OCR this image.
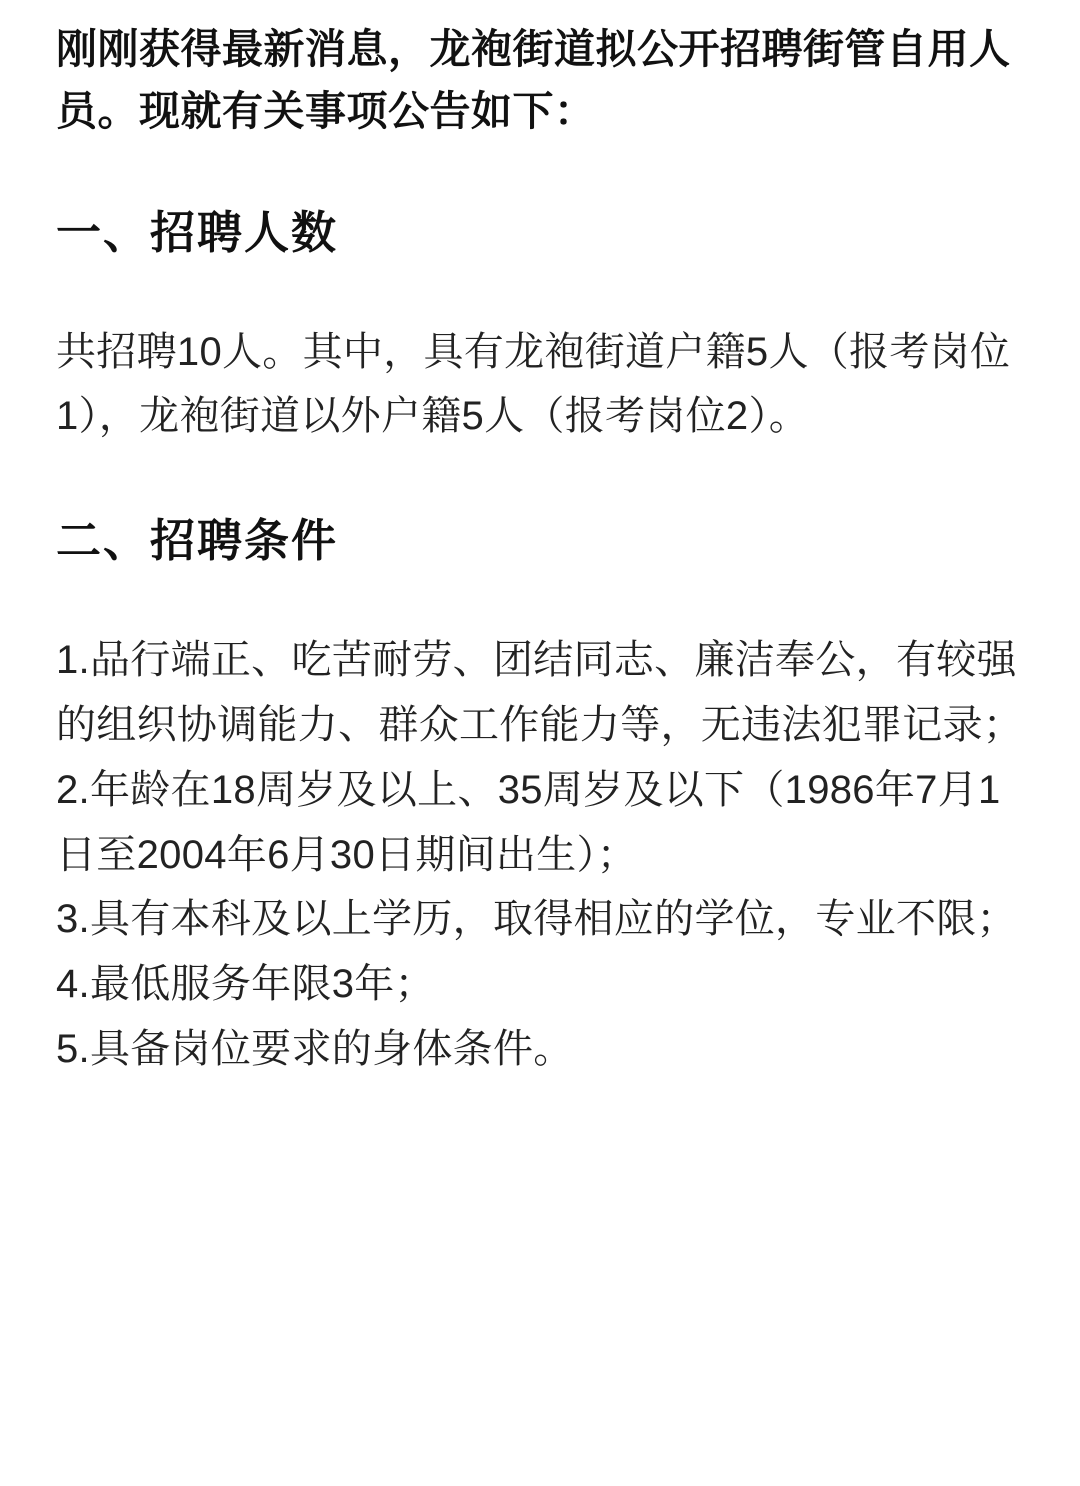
刚刚获得最新消息，龙袍街道拟公开招聘街管自用人员。现就有关事项公告如下：

一、招聘人数

共招聘10人。其中，具有龙袍街道户籍5人（报考岗位1），龙袍街道以外户籍5人（报考岗位2）。

二、招聘条件
1.品行端正、吃苦耐劳、团结同志、廉洁奉公，有较强的组织协调能力、群众工作能力等，无违法犯罪记录；
2.年龄在18周岁及以上、35周岁及以下（1986年7月1日至2004年6月30日期间出生）；
3.具有本科及以上学历，取得相应的学位，专业不限；
4.最低服务年限3年；
5.具备岗位要求的身体条件。
